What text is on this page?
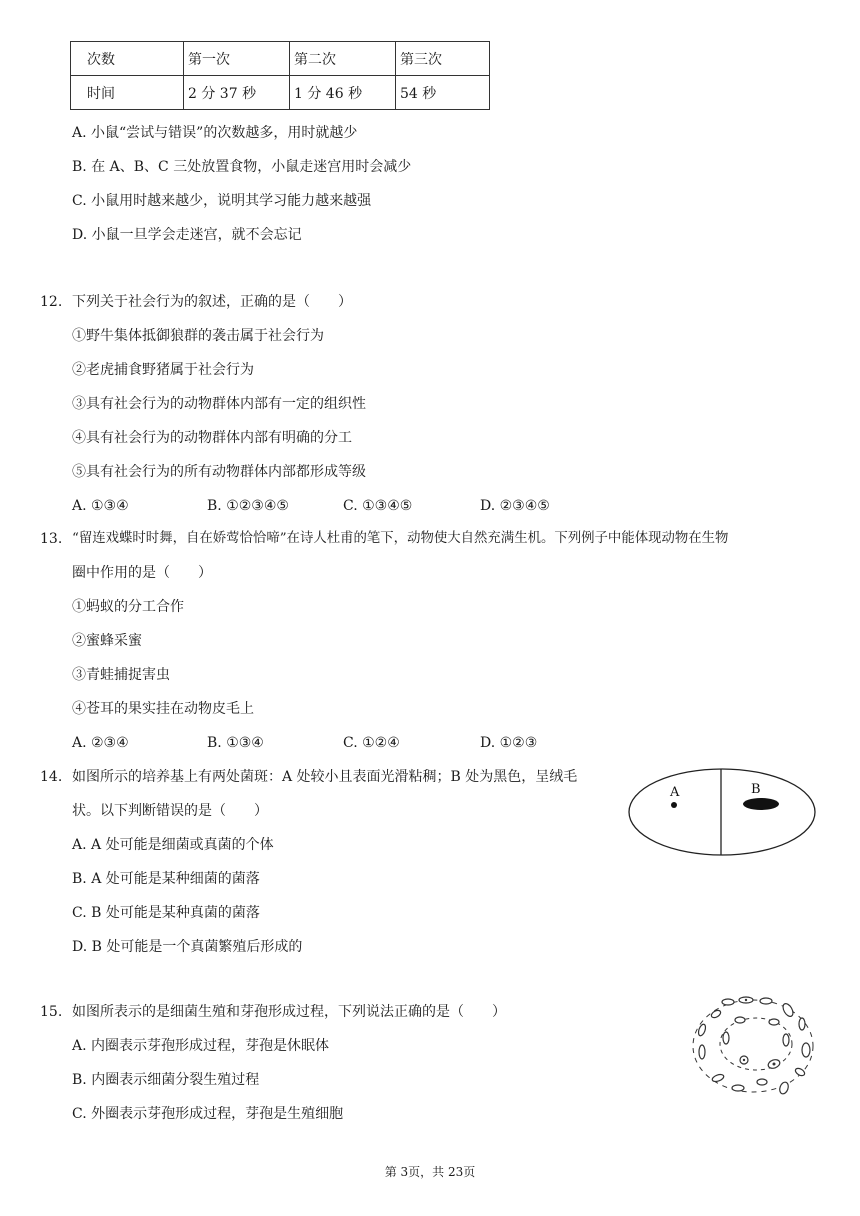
次数	第一次	第二次	第三次
时间	2 分 37 秒	1 分 46 秒	54 秒
A. 小鼠“尝试与错误”的次数越多，用时就越少
B. 在 A、B、C 三处放置食物，小鼠走迷宫用时会减少
C. 小鼠用时越来越少，说明其学习能力越来越强
D. 小鼠一旦学会走迷宫，就不会忘记
12. 下列关于社会行为的叙述，正确的是（　　）
①野牛集体抵御狼群的袭击属于社会行为
②老虎捕食野猪属于社会行为
③具有社会行为的动物群体内部有一定的组织性
④具有社会行为的动物群体内部有明确的分工
⑤具有社会行为的所有动物群体内部都形成等级
A. ①③④	B. ①②③④⑤	C. ①③④⑤	D. ②③④⑤
13. “留连戏蝶时时舞，自在娇莺恰恰啼”在诗人杜甫的笔下，动物使大自然充满生机。下列例子中能体现动物在生物
圈中作用的是（　　）
①蚂蚁的分工合作
②蜜蜂采蜜
③青蛙捕捉害虫
④苍耳的果实挂在动物皮毛上
A. ②③④	B. ①③④	C. ①②④	D. ①②③
14. 如图所示的培养基上有两处菌斑：A 处较小且表面光滑粘稠；B 处为黑色，呈绒毛
状。以下判断错误的是（　　）
A. A 处可能是细菌或真菌的个体
B. A 处可能是某种细菌的菌落
C. B 处可能是某种真菌的菌落
D. B 处可能是一个真菌繁殖后形成的
A	B
15. 如图所表示的是细菌生殖和芽孢形成过程，下列说法正确的是（　　）
A. 内圈表示芽孢形成过程，芽孢是休眠体
B. 内圈表示细菌分裂生殖过程
C. 外圈表示芽孢形成过程，芽孢是生殖细胞
第 3页，共 23页
